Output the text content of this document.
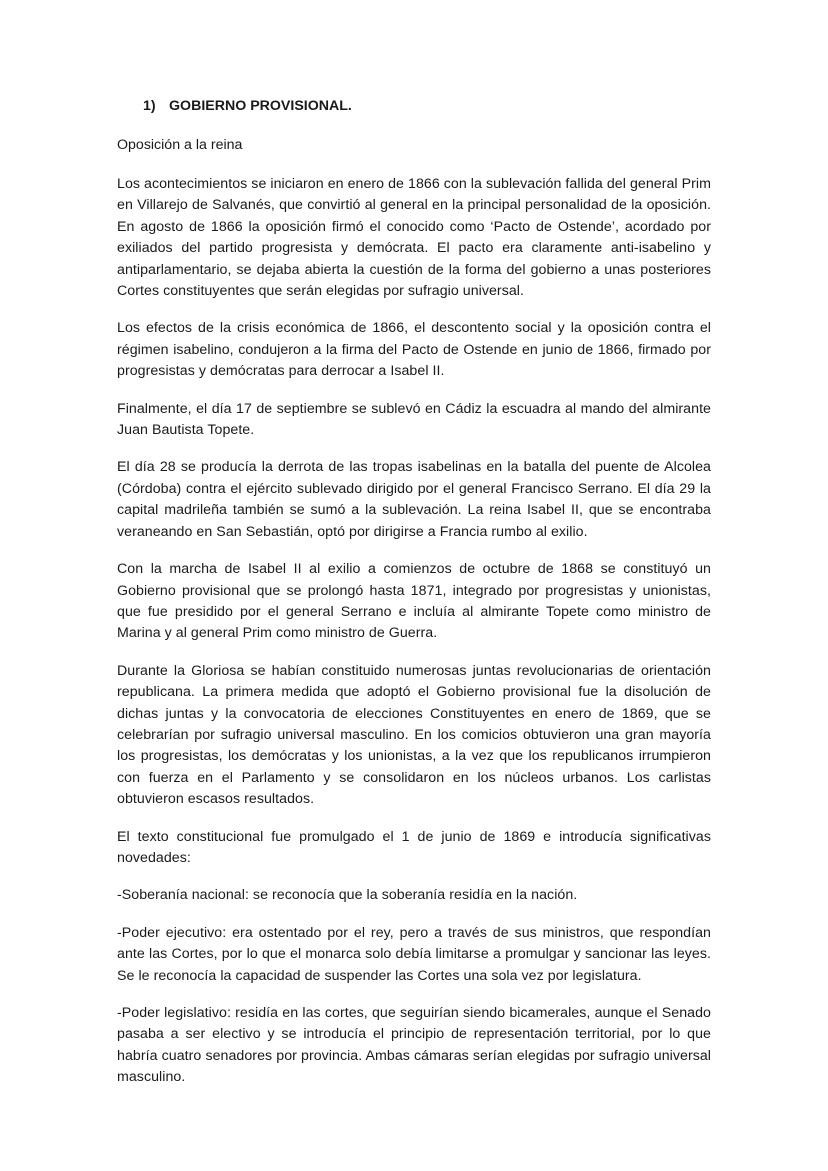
1) GOBIERNO PROVISIONAL.
Oposición a la reina

Los acontecimientos se iniciaron en enero de 1866 con la sublevación fallida del general Prim en Villarejo de Salvanés, que convirtió al general en la principal personalidad de la oposición. En agosto de 1866 la oposición firmó el conocido como ‘Pacto de Ostende’, acordado por exiliados del partido progresista y demócrata. El pacto era claramente anti-isabelino y antiparlamentario, se dejaba abierta la cuestión de la forma del gobierno a unas posteriores Cortes constituyentes que serán elegidas por sufragio universal.

Los efectos de la crisis económica de 1866, el descontento social y la oposición contra el régimen isabelino, condujeron a la firma del Pacto de Ostende en junio de 1866, firmado por progresistas y demócratas para derrocar a Isabel II.

Finalmente, el día 17 de septiembre se sublevó en Cádiz la escuadra al mando del almirante Juan Bautista Topete.

El día 28 se producía la derrota de las tropas isabelinas en la batalla del puente de Alcolea (Córdoba) contra el ejército sublevado dirigido por el general Francisco Serrano. El día 29 la capital madrileña también se sumó a la sublevación. La reina Isabel II, que se encontraba veraneando en San Sebastián, optó por dirigirse a Francia rumbo al exilio.

Con la marcha de Isabel II al exilio a comienzos de octubre de 1868 se constituyó un Gobierno provisional que se prolongó hasta 1871, integrado por progresistas y unionistas, que fue presidido por el general Serrano e incluía al almirante Topete como ministro de Marina y al general Prim como ministro de Guerra.

Durante la Gloriosa se habían constituido numerosas juntas revolucionarias de orientación republicana. La primera medida que adoptó el Gobierno provisional fue la disolución de dichas juntas y la convocatoria de elecciones Constituyentes en enero de 1869, que se celebrarían por sufragio universal masculino. En los comicios obtuvieron una gran mayoría los progresistas, los demócratas y los unionistas, a la vez que los republicanos irrumpieron con fuerza en el Parlamento y se consolidaron en los núcleos urbanos. Los carlistas obtuvieron escasos resultados.

El texto constitucional fue promulgado el 1 de junio de 1869 e introducía significativas novedades:

-Soberanía nacional: se reconocía que la soberanía residía en la nación.

-Poder ejecutivo: era ostentado por el rey, pero a través de sus ministros, que respondían ante las Cortes, por lo que el monarca solo debía limitarse a promulgar y sancionar las leyes. Se le reconocía la capacidad de suspender las Cortes una sola vez por legislatura.

-Poder legislativo: residía en las cortes, que seguirían siendo bicamerales, aunque el Senado pasaba a ser electivo y se introducía el principio de representación territorial, por lo que habría cuatro senadores por provincia. Ambas cámaras serían elegidas por sufragio universal masculino.
